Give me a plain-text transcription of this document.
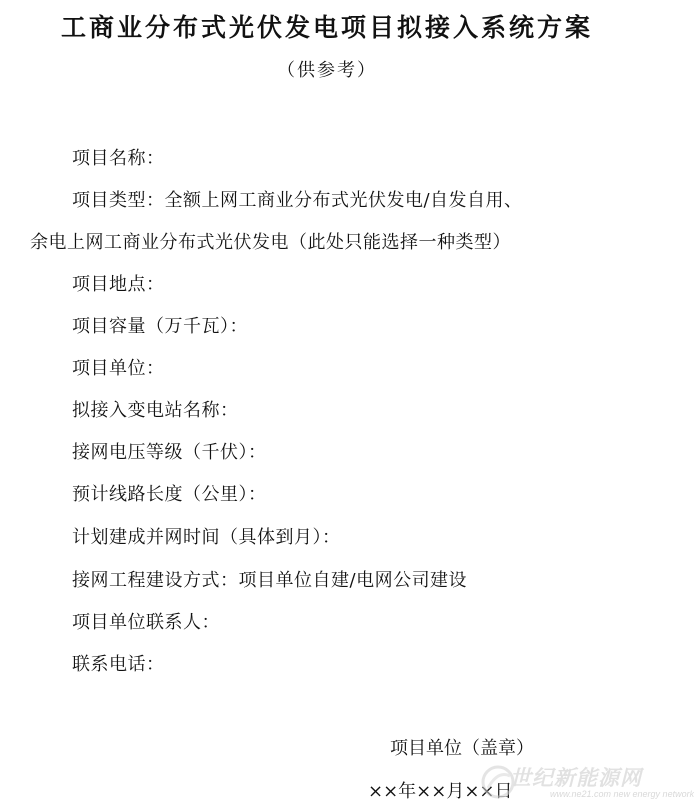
工商业分布式光伏发电项目拟接入系统方案
（供参考）
项目名称：
项目类型：全额上网工商业分布式光伏发电/自发自用、
余电上网工商业分布式光伏发电（此处只能选择一种类型）
项目地点：
项目容量（万千瓦）：
项目单位：
拟接入变电站名称：
接网电压等级（千伏）：
预计线路长度（公里）：
计划建成并网时间（具体到月）：
接网工程建设方式：项目单位自建/电网公司建设
项目单位联系人：
联系电话：
项目单位（盖章）
××年××月××日
世纪新能源网
www.ne21.com new energy network
